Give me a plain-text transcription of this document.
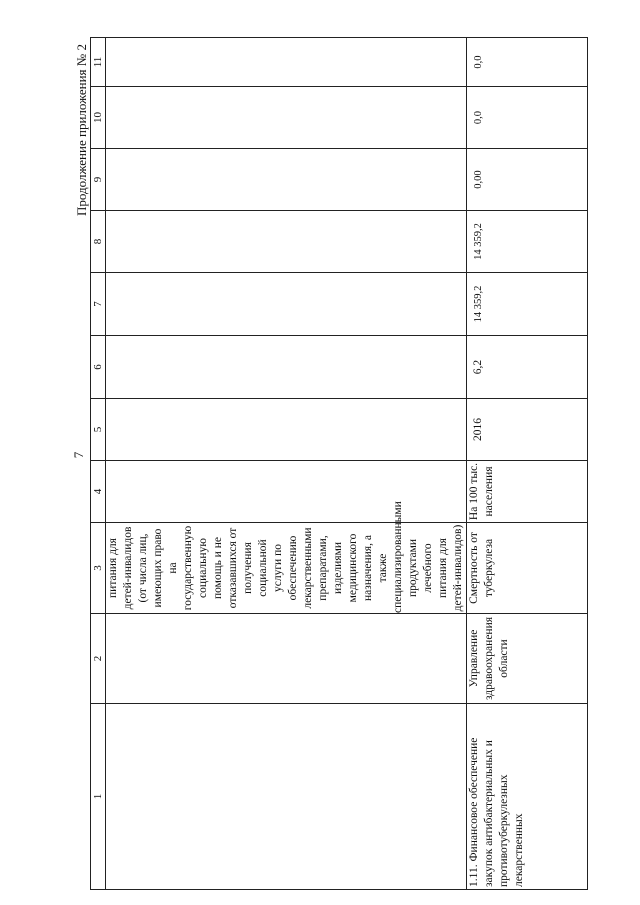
7
Продолжение приложения № 2
1	2	3	4	5	6	7	8	9	10	11
		питания для детей-инвалидов (от числа лиц, имеющих право на государственную социальную помощь и не отказавшихся от получения социальной услуги по обеспечению лекарственными препаратами, изделиями медицинского назначения, а также специализированными продуктами лечебного питания для детей-инвалидов)								
1.11. Финансовое обеспечение закупок антибактериальных и противотуберкулезных лекарственных	Управление здравоохранения области	Смертность от туберкулеза	На 100 тыс. населения	2016	6,2	14 359,2	14 359,2	0,00	0,0	0,0
